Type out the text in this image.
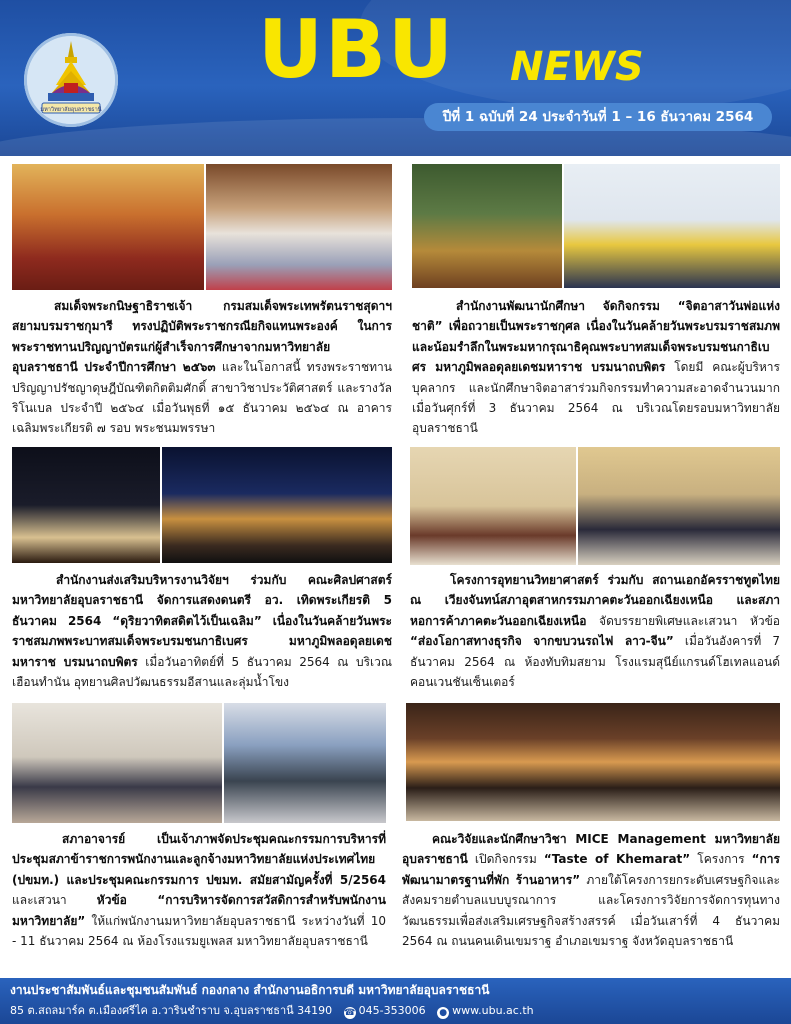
มหาวิทยาลัยอุบลราชธานี
UBU NEWS
ปีที่ 1 ฉบับที่ 24 ประจำวันที่ 1 – 16 ธันวาคม 2564

สมเด็จพระกนิษฐาธิราชเจ้า กรมสมเด็จพระเทพรัตนราชสุดาฯ สยามบรมราชกุมารี ทรงปฏิบัติพระราชกรณียกิจแทนพระองค์ ในการพระราชทานปริญญาบัตรแก่ผู้สำเร็จการศึกษาจากมหาวิทยาลัยอุบลราชธานี ประจำปีการศึกษา ๒๕๖๓ และในโอกาสนี้ ทรงพระราชทานปริญญาปรัชญาดุษฎีบัณฑิตกิตติมศักดิ์ สาขาวิชาประวัติศาสตร์ และรางวัลริโนเบล ประจำปี ๒๕๖๔ เมื่อวันพุธที่ ๑๕ ธันวาคม ๒๕๖๔ ณ อาคารเฉลิมพระเกียรติ ๗ รอบ พระชนมพรรษา

สำนักงานพัฒนานักศึกษา จัดกิจกรรม “จิตอาสาวันพ่อแห่งชาติ” เพื่อถวายเป็นพระราชกุศล เนื่องในวันคล้ายวันพระบรมราชสมภพและน้อมรำลึกในพระมหากรุณาธิคุณพระบาทสมเด็จพระบรมชนกาธิเบศร มหาภูมิพลอดุลยเดชมหาราช บรมนาถบพิตร โดยมี คณะผู้บริหาร บุคลากร และนักศึกษาจิตอาสาร่วมกิจกรรมทำความสะอาดจำนวนมาก เมื่อวันศุกร์ที่ 3 ธันวาคม 2564 ณ บริเวณโดยรอบมหาวิทยาลัยอุบลราชธานี

สำนักงานส่งเสริมบริหารงานวิจัยฯ ร่วมกับ คณะศิลปศาสตร์ มหาวิทยาลัยอุบลราชธานี จัดการแสดงดนตรี อว. เทิดพระเกียรติ 5 ธันวาคม 2564 “ดุริยวาทิตสดิตไว้เป็นเฉลิม” เนื่องในวันคล้ายวันพระราชสมภพพระบาทสมเด็จพระบรมชนกาธิเบศร มหาภูมิพลอดุลยเดชมหาราช บรมนาถบพิตร เมื่อวันอาทิตย์ที่ 5 ธันวาคม 2564 ณ บริเวณเฮือนทำนัน อุทยานศิลปวัฒนธรรมอีสานและลุ่มน้ำโขง

โครงการอุทยานวิทยาศาสตร์ ร่วมกับ สถานเอกอัครราชทูตไทย ณ เวียงจันทน์สภาอุตสาหกรรมภาคตะวันออกเฉียงเหนือ และสภาหอการค้าภาคตะวันออกเฉียงเหนือ จัดบรรยายพิเศษและเสวนา หัวข้อ “ส่องโอกาสทางธุรกิจ จากขบวนรถไฟ ลาว-จีน” เมื่อวันอังคารที่ 7 ธันวาคม 2564 ณ ห้องทับทิมสยาม โรงแรมสุนีย์แกรนด์โฮเทลแอนด์คอนเวนชันเซ็นเตอร์

สภาอาจารย์ เป็นเจ้าภาพจัดประชุมคณะกรรมการบริหารที่ประชุมสภาข้าราชการพนักงานและลูกจ้างมหาวิทยาลัยแห่งประเทศไทย (ปขมท.) และประชุมคณะกรรมการ ปขมท. สมัยสามัญครั้งที่ 5/2564 และเสวนา หัวข้อ “การบริหารจัดการสวัสดิการสำหรับพนักงานมหาวิทยาลัย” ให้แก่พนักงานมหาวิทยาลัยอุบลราชธานี ระหว่างวันที่ 10 - 11 ธันวาคม 2564 ณ ห้องโรงแรมยูเพลส มหาวิทยาลัยอุบลราชธานี

คณะวิจัยและนักศึกษาวิชา MICE Management มหาวิทยาลัยอุบลราชธานี เปิดกิจกรรม “Taste of Khemarat” โครงการ “การพัฒนามาตรฐานที่พัก ร้านอาหาร” ภายใต้โครงการยกระดับเศรษฐกิจและสังคมรายตำบลแบบบูรณาการ และโครงการวิจัยการจัดการทุนทางวัฒนธรรมเพื่อส่งเสริมเศรษฐกิจสร้างสรรค์ เมื่อวันเสาร์ที่ 4 ธันวาคม 2564 ณ ถนนคนเดินเขมราฐ อำเภอเขมราฐ จังหวัดอุบลราชธานี

งานประชาสัมพันธ์และชุมชนสัมพันธ์ กองกลาง สำนักงานอธิการบดี มหาวิทยาลัยอุบลราชธานี
85 ต.สถลมาร์ค ต.เมืองศรีไค อ.วารินชำราบ จ.อุบลราชธานี 34190 ☎ 045-353006 ● www.ubu.ac.th
